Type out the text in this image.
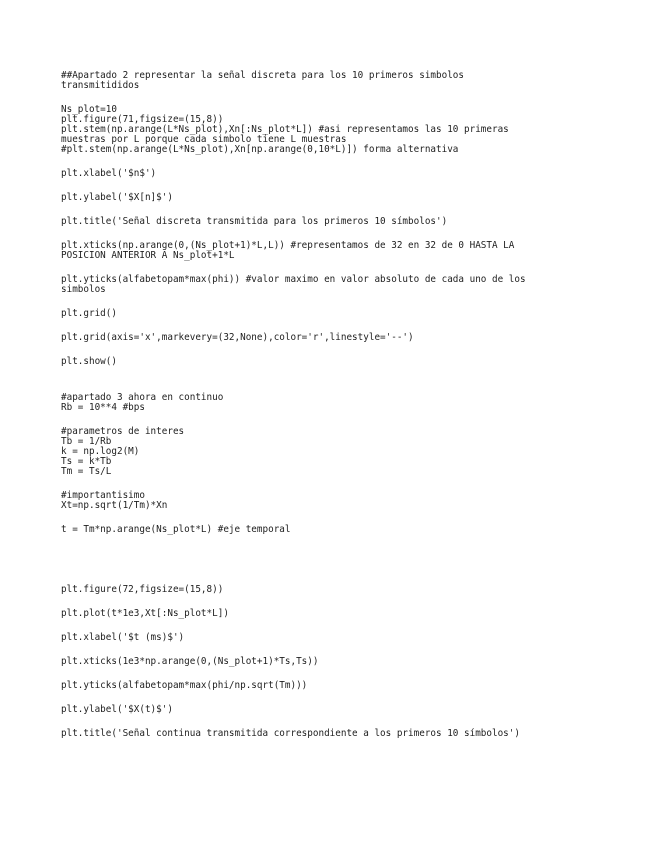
##Apartado 2 representar la señal discreta para los 10 primeros simbolos
transmitididos
Ns_plot=10
plt.figure(71,figsize=(15,8))
plt.stem(np.arange(L*Ns_plot),Xn[:Ns_plot*L]) #asi representamos las 10 primeras
muestras por L porque cada simbolo tiene L muestras
#plt.stem(np.arange(L*Ns_plot),Xn[np.arange(0,10*L)]) forma alternativa
plt.xlabel('$n$')
plt.ylabel('$X[n]$')
plt.title('Señal discreta transmitida para los primeros 10 símbolos')
plt.xticks(np.arange(0,(Ns_plot+1)*L,L)) #representamos de 32 en 32 de 0 HASTA LA
POSICION ANTERIOR A Ns_plot+1*L
plt.yticks(alfabetopam*max(phi)) #valor maximo en valor absoluto de cada uno de los
simbolos
plt.grid()
plt.grid(axis='x',markevery=(32,None),color='r',linestyle='--')
plt.show()
#apartado 3 ahora en continuo
Rb = 10**4 #bps
#parametros de interes
Tb = 1/Rb
k = np.log2(M)
Ts = k*Tb
Tm = Ts/L
#importantisimo
Xt=np.sqrt(1/Tm)*Xn
t = Tm*np.arange(Ns_plot*L) #eje temporal
plt.figure(72,figsize=(15,8))
plt.plot(t*1e3,Xt[:Ns_plot*L])
plt.xlabel('$t (ms)$')
plt.xticks(1e3*np.arange(0,(Ns_plot+1)*Ts,Ts))
plt.yticks(alfabetopam*max(phi/np.sqrt(Tm)))
plt.ylabel('$X(t)$')
plt.title('Señal continua transmitida correspondiente a los primeros 10 símbolos')
